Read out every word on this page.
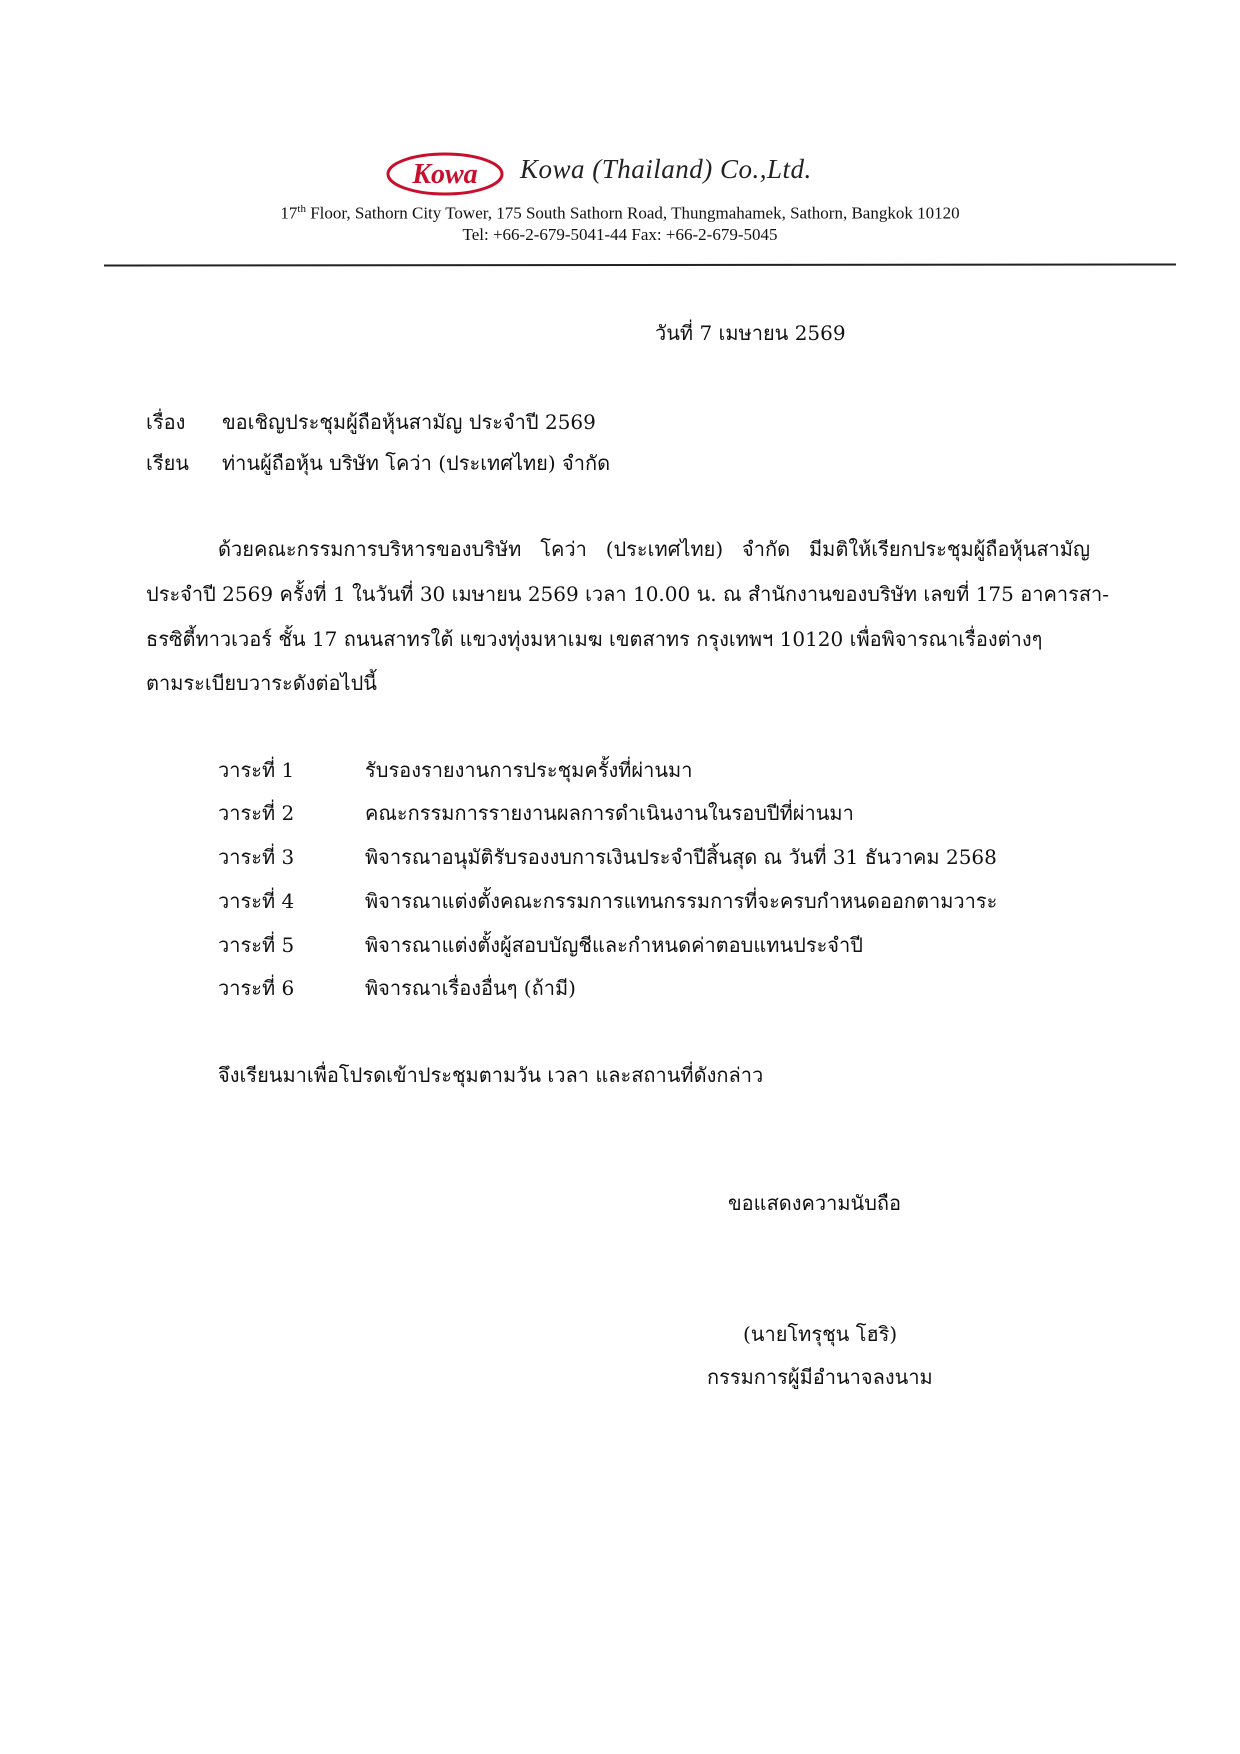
Kowa Kowa (Thailand) Co.,Ltd.
17th Floor, Sathorn City Tower, 175 South Sathorn Road, Thungmahamek, Sathorn, Bangkok 10120
Tel: +66-2-679-5041-44 Fax: +66-2-679-5045
วันที่ 7 เมษายน 2569
เรื่อง ขอเชิญประชุมผู้ถือหุ้นสามัญ ประจำปี 2569
เรียน ท่านผู้ถือหุ้น บริษัท โคว่า (ประเทศไทย) จำกัด
ด้วยคณะกรรมการบริหารของบริษัท โคว่า (ประเทศไทย) จำกัด มีมติให้เรียกประชุมผู้ถือหุ้นสามัญ
ประจำปี 2569 ครั้งที่ 1 ในวันที่ 30 เมษายน 2569 เวลา 10.00 น. ณ สำนักงานของบริษัท เลขที่ 175 อาคารสา-
ธรซิตี้ทาวเวอร์ ชั้น 17 ถนนสาทรใต้ แขวงทุ่งมหาเมฆ เขตสาทร กรุงเทพฯ 10120 เพื่อพิจารณาเรื่องต่างๆ
ตามระเบียบวาระดังต่อไปนี้
วาระที่ 1	รับรองรายงานการประชุมครั้งที่ผ่านมา
วาระที่ 2	คณะกรรมการรายงานผลการดำเนินงานในรอบปีที่ผ่านมา
วาระที่ 3	พิจารณาอนุมัติรับรองงบการเงินประจำปีสิ้นสุด ณ วันที่ 31 ธันวาคม 2568
วาระที่ 4	พิจารณาแต่งตั้งคณะกรรมการแทนกรรมการที่จะครบกำหนดออกตามวาระ
วาระที่ 5	พิจารณาแต่งตั้งผู้สอบบัญชีและกำหนดค่าตอบแทนประจำปี
วาระที่ 6	พิจารณาเรื่องอื่นๆ (ถ้ามี)
จึงเรียนมาเพื่อโปรดเข้าประชุมตามวัน เวลา และสถานที่ดังกล่าว
ขอแสดงความนับถือ
(นายโทรุชุน โฮริ)
กรรมการผู้มีอำนาจลงนาม
